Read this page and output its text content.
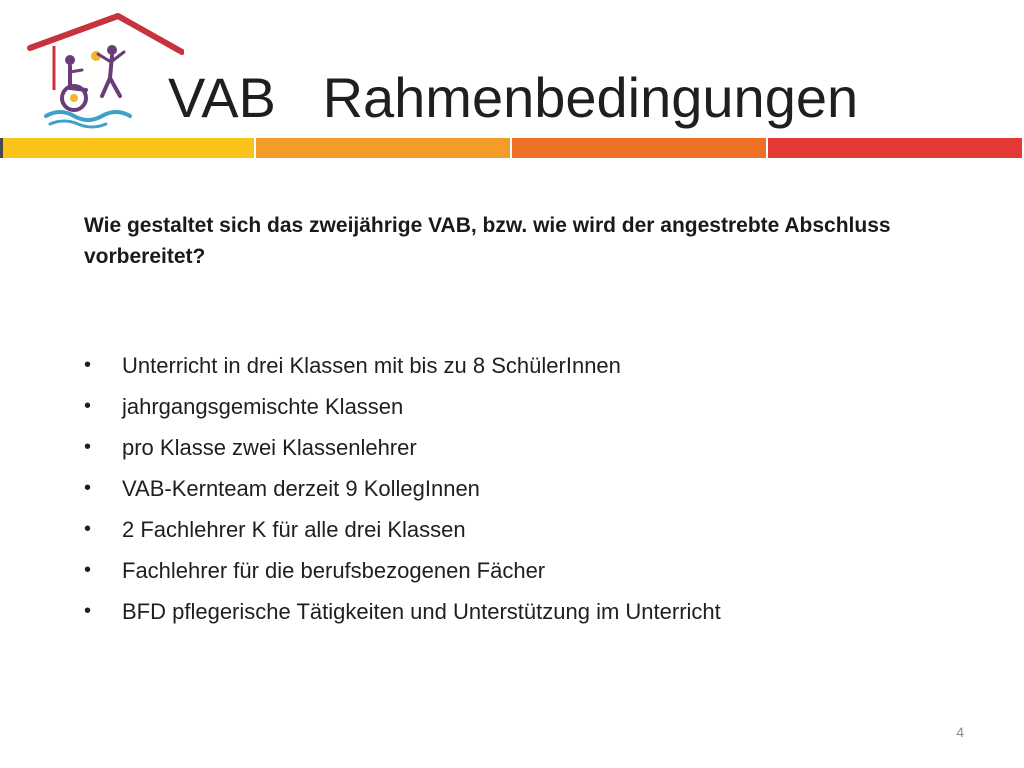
VAB   Rahmenbedingungen

Wie gestaltet sich das zweijährige VAB, bzw. wie wird der angestrebte Abschluss vorbereitet?

•	Unterricht in drei Klassen mit bis zu 8 SchülerInnen
•	jahrgangsgemischte Klassen
•	pro Klasse zwei Klassenlehrer
•	VAB-Kernteam derzeit 9 KollegInnen
•	2 Fachlehrer K für alle drei Klassen
•	Fachlehrer für die berufsbezogenen Fächer
•	BFD pflegerische Tätigkeiten und Unterstützung im Unterricht
4
